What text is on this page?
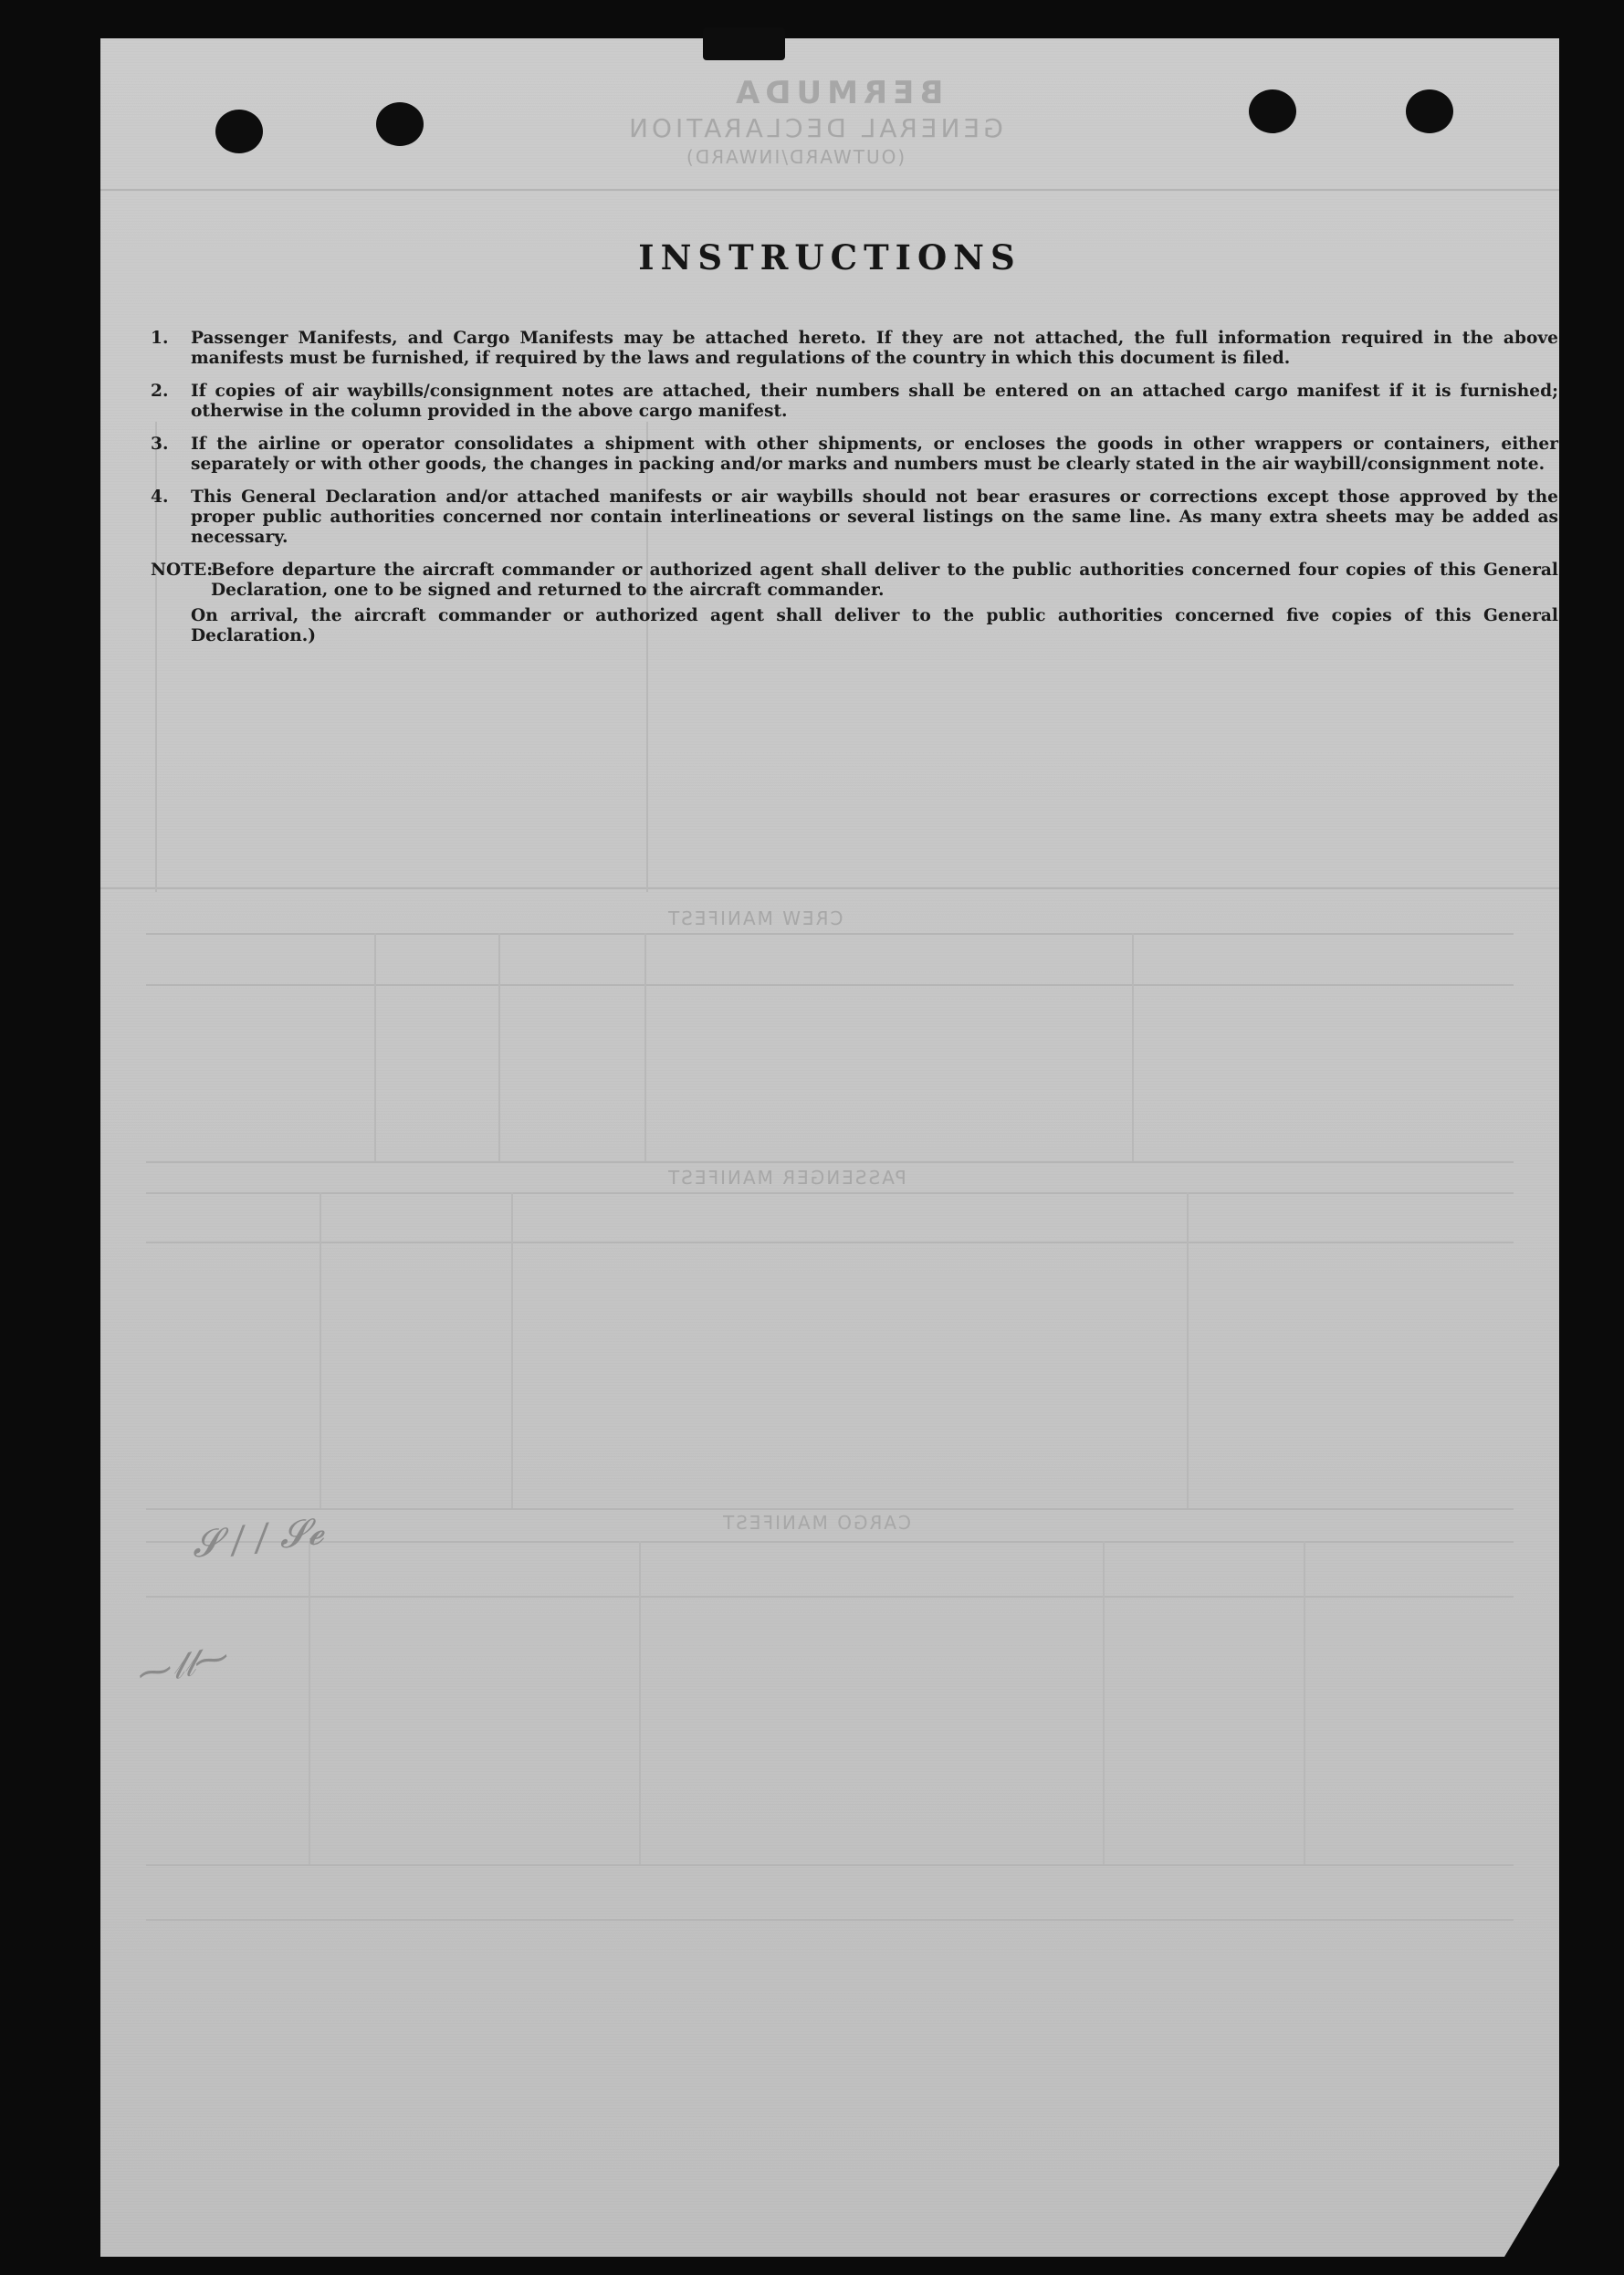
BERMUDA
GENERAL DECLARATION
(OUTWARD/INWARD)
CREW MANIFEST
PASSENGER MANIFEST
CARGO MANIFEST
𝓢 ∕ ∕ 𝓢𝓮
⁓𝓁𝓁⁓
INSTRUCTIONS
1.	Passenger Manifests, and Cargo Manifests may be attached hereto. If they are not attached, the full information required in the above manifests must be furnished, if required by the laws and regulations of the country in which this document is filed.
2.	If copies of air waybills/consignment notes are attached, their numbers shall be entered on an attached cargo manifest if it is furnished; otherwise in the column provided in the above cargo manifest.
3.	If the airline or operator consolidates a shipment with other shipments, or encloses the goods in other wrappers or containers, either separately or with other goods, the changes in packing and/or marks and numbers must be clearly stated in the air waybill/consignment note.
4.	This General Declaration and/or attached manifests or air waybills should not bear erasures or corrections except those approved by the proper public authorities concerned nor contain interlineations or several listings on the same line. As many extra sheets may be added as necessary.
NOTE:
Before departure the aircraft commander or authorized agent shall deliver to the public authorities concerned four copies of this General Declaration, one to be signed and returned to the aircraft commander.
On arrival, the aircraft commander or authorized agent shall deliver to the public authorities concerned five copies of this General Declaration.)
